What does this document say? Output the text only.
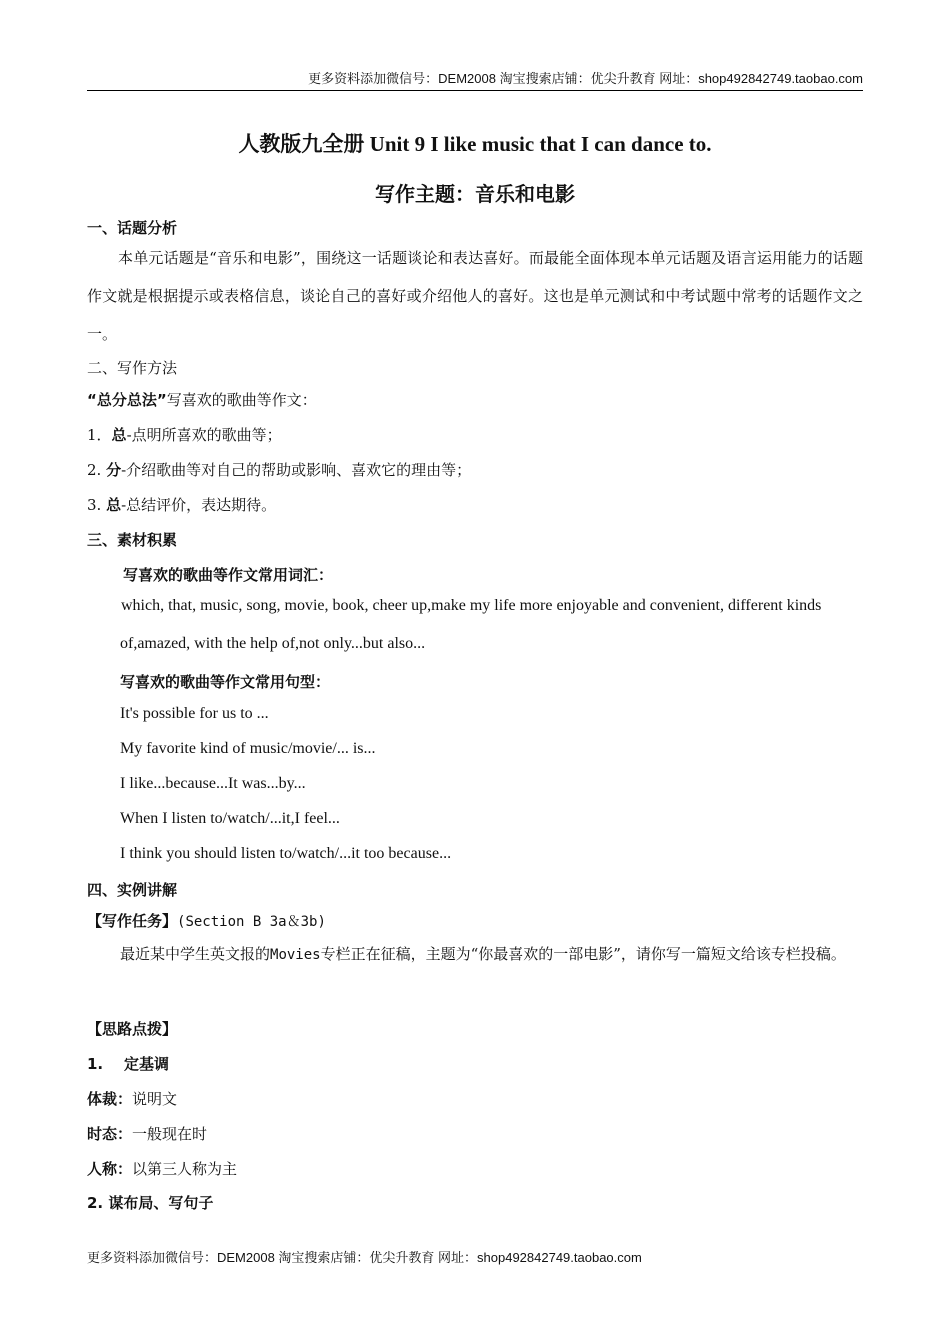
更多资料添加微信号：DEM2008 淘宝搜索店铺：优尖升教育 网址：shop492842749.taobao.com
人教版九全册 Unit 9 I like music that I can dance to.
写作主题：音乐和电影
一、话题分析
本单元话题是“音乐和电影”，围绕这一话题谈论和表达喜好。而最能全面体现本单元话题及语言运用能力的话题作文就是根据提示或表格信息，谈论自己的喜好或介绍他人的喜好。这也是单元测试和中考试题中常考的话题作文之一。
二、写作方法
“总分总法”写喜欢的歌曲等作文：
1．总-点明所喜欢的歌曲等；
2. 分-介绍歌曲等对自己的帮助或影响、喜欢它的理由等；
3. 总-总结评价，表达期待。
三、素材积累
写喜欢的歌曲等作文常用词汇：
which, that, music, song, movie, book, cheer up,make my life more enjoyable and convenient, different kinds
of,amazed, with the help of,not only...but also...
写喜欢的歌曲等作文常用句型：
It's possible for us to ...
My favorite kind of music/movie/... is...
I like...because...It was...by...
When I listen to/watch/...it,I feel...
I think you should listen to/watch/...it too because...
四、实例讲解
【写作任务】(Section B 3a＆3b)
最近某中学生英文报的Movies专栏正在征稿，主题为“你最喜欢的一部电影”，请你写一篇短文给该专栏投稿。
【思路点拨】
1.    定基调
体裁：说明文
时态：一般现在时
人称：以第三人称为主
2. 谋布局、写句子
更多资料添加微信号：DEM2008 淘宝搜索店铺：优尖升教育 网址：shop492842749.taobao.com
